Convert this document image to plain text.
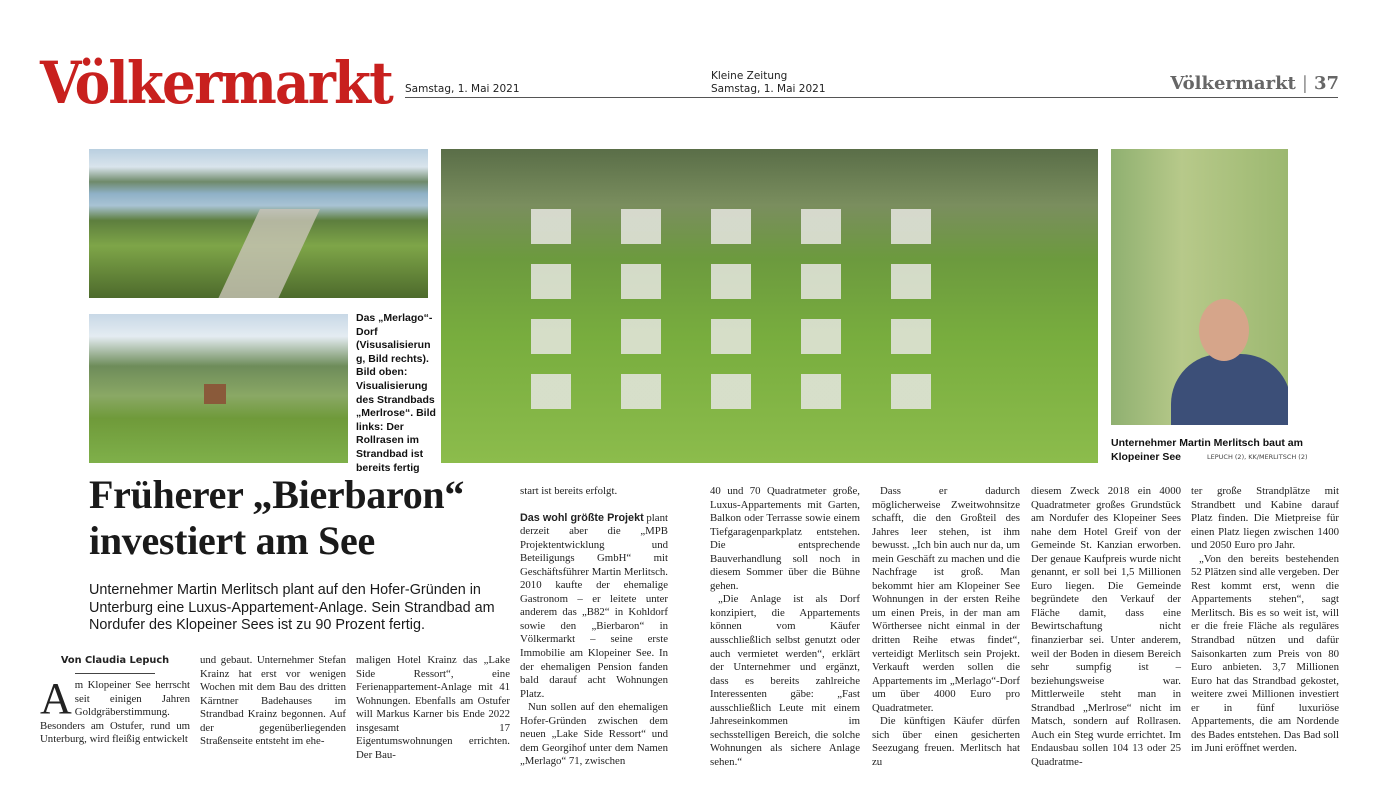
Völkermarkt Samstag, 1. Mai 2021
Kleine Zeitung
Samstag, 1. Mai 2021	Völkermarkt | 37
Das „Merlago“-Dorf (Visusalisierung, Bild rechts). Bild oben: Visualisierung des Strandbads „Merlrose“. Bild links: Der Rollrasen im Strandbad ist bereits fertig
Unternehmer Martin Merlitsch baut am Klopeiner See	LEPUCH (2), KK/MERLITSCH (2)
Früherer „Bierbaron“ investiert am See
Unternehmer Martin Merlitsch plant auf den Hofer-Gründen in Unterburg eine Luxus-Appartement-Anlage. Sein Strandbad am Nordufer des Klopeiner Sees ist zu 90 Prozent fertig.
Von Claudia Lepuch
Am Klopeiner See herrscht seit einigen Jahren Goldgräberstimmung. Besonders am Ostufer, rund um Unterburg, wird fleißig entwickelt

und gebaut. Unternehmer Stefan Krainz hat erst vor wenigen Wochen mit dem Bau des dritten Kärntner Badehauses im Strandbad Krainz begonnen. Auf der gegenüberliegenden Straßenseite entsteht im ehe-

maligen Hotel Krainz das „Lake Side Ressort“, eine Ferienappartement-Anlage mit 41 Wohnungen. Ebenfalls am Ostufer will Markus Karner bis Ende 2022 insgesamt 17 Eigentumswohnungen errichten. Der Bau-

start ist bereits erfolgt.

Das wohl größte Projekt plant derzeit aber die „MPB Projektentwicklung und Beteiligungs GmbH“ mit Geschäftsführer Martin Merlitsch. 2010 kaufte der ehemalige Gastronom – er leitete unter anderem das „B82“ in Kohldorf sowie den „Bierbaron“ in Völkermarkt – seine erste Immobilie am Klopeiner See. In der ehemaligen Pension fanden bald darauf acht Wohnungen Platz.

Nun sollen auf den ehemaligen Hofer-Gründen zwischen dem neuen „Lake Side Ressort“ und dem Georgihof unter dem Namen „Merlago“ 71, zwischen

40 und 70 Quadratmeter große, Luxus-Appartements mit Garten, Balkon oder Terrasse sowie einem Tiefgaragenparkplatz entstehen. Die entsprechende Bauverhandlung soll noch in diesem Sommer über die Bühne gehen.

„Die Anlage ist als Dorf konzipiert, die Appartements können vom Käufer ausschließlich selbst genutzt oder auch vermietet werden“, erklärt der Unternehmer und ergänzt, dass es bereits zahlreiche Interessenten gäbe: „Fast ausschließlich Leute mit einem Jahreseinkommen im sechsstelligen Bereich, die solche Wohnungen als sichere Anlage sehen.“

Dass er dadurch möglicherweise Zweitwohnsitze schafft, die den Großteil des Jahres leer stehen, ist ihm bewusst. „Ich bin auch nur da, um mein Geschäft zu machen und die Nachfrage ist groß. Man bekommt hier am Klopeiner See Wohnungen in der ersten Reihe um einen Preis, in der man am Wörthersee nicht einmal in der dritten Reihe etwas findet“, verteidigt Merlitsch sein Projekt. Verkauft werden sollen die Appartements im „Merlago“-Dorf um über 4000 Euro pro Quadratmeter.

Die künftigen Käufer dürfen sich über einen gesicherten Seezugang freuen. Merlitsch hat zu

diesem Zweck 2018 ein 4000 Quadratmeter großes Grundstück am Nordufer des Klopeiner Sees nahe dem Hotel Greif von der Gemeinde St. Kanzian erworben. Der genaue Kaufpreis wurde nicht genannt, er soll bei 1,5 Millionen Euro liegen. Die Gemeinde begründete den Verkauf der Fläche damit, dass eine Bewirtschaftung nicht finanzierbar sei. Unter anderem, weil der Boden in diesem Bereich sehr sumpfig ist – beziehungsweise war. Mittlerweile steht man in Strandbad „Merlrose“ nicht im Matsch, sondern auf Rollrasen. Auch ein Steg wurde errichtet. Im Endausbau sollen 104 13 oder 25 Quadratme-

ter große Strandplätze mit Strandbett und Kabine darauf Platz finden. Die Mietpreise für einen Platz liegen zwischen 1400 und 2050 Euro pro Jahr.

„Von den bereits bestehenden 52 Plätzen sind alle vergeben. Der Rest kommt erst, wenn die Appartements stehen“, sagt Merlitsch. Bis es so weit ist, will er die freie Fläche als reguläres Strandbad nützen und dafür Saisonkarten zum Preis von 80 Euro anbieten. 3,7 Millionen Euro hat das Strandbad gekostet, weitere zwei Millionen investiert er in fünf luxuriöse Appartements, die am Nordende des Bades entstehen. Das Bad soll im Juni eröffnet werden.
